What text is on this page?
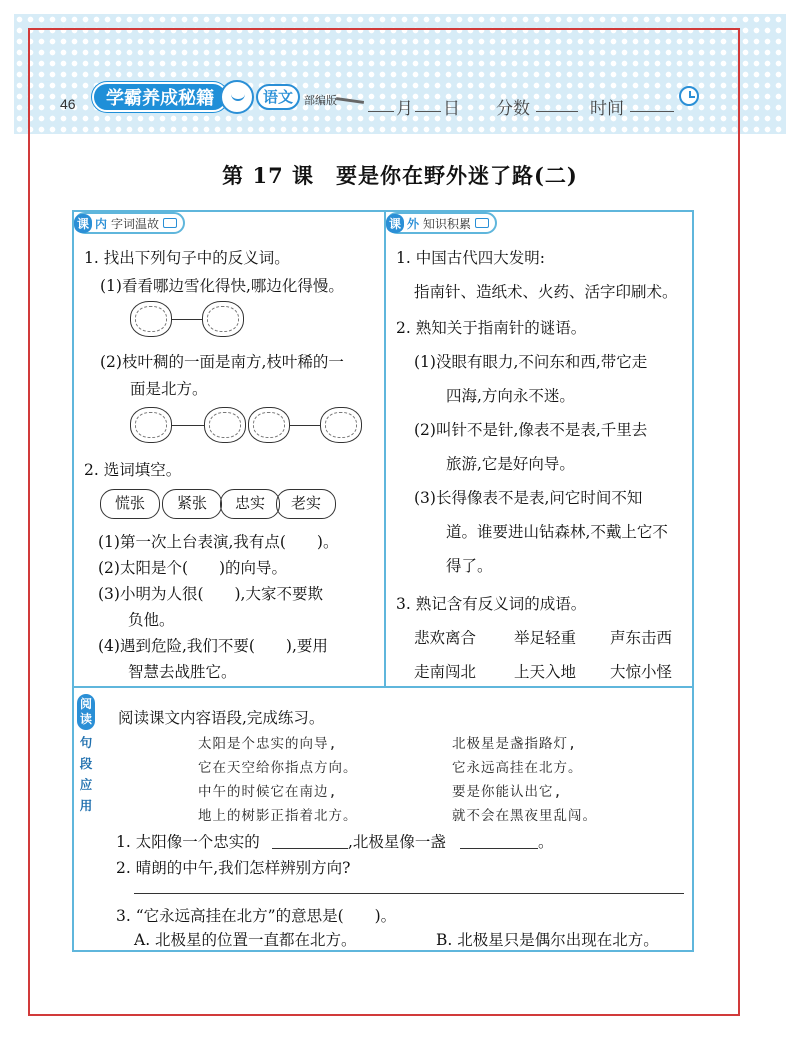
46	学霸养成秘籍	语文	部编版	月 日 分数	时间
第 17 课　要是你在野外迷了路(二)
课 内 字词温故
1. 找出下列句子中的反义词。
(1)看看哪边雪化得快,哪边化得慢。
(2)枝叶稠的一面是南方,枝叶稀的一
面是北方。
2. 选词填空。
慌张	紧张	忠实	老实
(1)第一次上台表演,我有点(　　)。
(2)太阳是个(　　)的向导。
(3)小明为人很(　　),大家不要欺
负他。
(4)遇到危险,我们不要(　　),要用
智慧去战胜它。
课 外 知识积累
1. 中国古代四大发明:
指南针、造纸术、火药、活字印刷术。
2. 熟知关于指南针的谜语。
(1)没眼有眼力,不问东和西,带它走
四海,方向永不迷。
(2)叫针不是针,像表不是表,千里去
旅游,它是好向导。
(3)长得像表不是表,问它时间不知
道。谁要进山钻森林,不戴上它不
得了。
3. 熟记含有反义词的成语。
悲欢离合 举足轻重 声东击西
走南闯北 上天入地 大惊小怪
阅读
句
段
应
用
阅读课文内容语段,完成练习。
太阳是个忠实的向导,
它在天空给你指点方向。
中午的时候它在南边,
地上的树影正指着北方。
北极星是盏指路灯,
它永远高挂在北方。
要是你能认出它,
就不会在黑夜里乱闯。
1. 太阳像一个忠实的	,北极星像一盏	。
2. 晴朗的中午,我们怎样辨别方向?
3. “它永远高挂在北方”的意思是(　　)。
A. 北极星的位置一直都在北方。	B. 北极星只是偶尔出现在北方。
